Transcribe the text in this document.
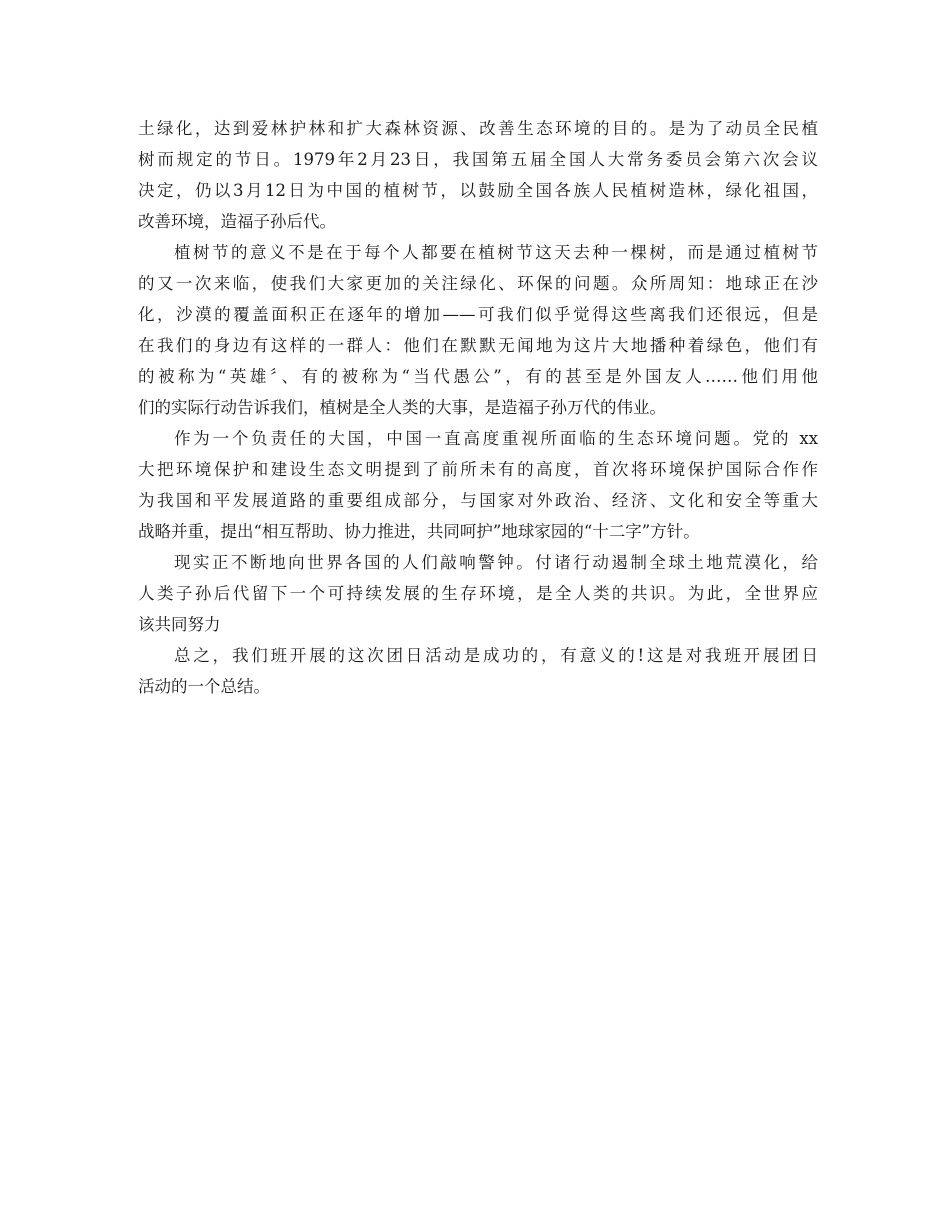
土绿化，达到爱林护林和扩大森林资源、改善生态环境的目的。是为了动员全民植
树而规定的节日。1979年2月23日，我国第五届全国人大常务委员会第六次会议
决定，仍以3月12日为中国的植树节，以鼓励全国各族人民植树造林，绿化祖国，
改善环境，造福子孙后代。
植树节的意义不是在于每个人都要在植树节这天去种一棵树，而是通过植树节
的又一次来临，使我们大家更加的关注绿化、环保的问题。众所周知：地球正在沙
化，沙漠的覆盖面积正在逐年的增加——可我们似乎觉得这些离我们还很远，但是
在我们的身边有这样的一群人：他们在默默无闻地为这片大地播种着绿色，他们有
的被称为“英雄〞、有的被称为“当代愚公”，有的甚至是外国友人……他们用他
们的实际行动告诉我们，植树是全人类的大事，是造福子孙万代的伟业。
作为一个负责任的大国，中国一直高度重视所面临的生态环境问题。党的 xx
大把环境保护和建设生态文明提到了前所未有的高度，首次将环境保护国际合作作
为我国和平发展道路的重要组成部分，与国家对外政治、经济、文化和安全等重大
战略并重，提出“相互帮助、协力推进，共同呵护”地球家园的“十二字”方针。
现实正不断地向世界各国的人们敲响警钟。付诸行动遏制全球土地荒漠化，给
人类子孙后代留下一个可持续发展的生存环境，是全人类的共识。为此，全世界应
该共同努力
总之，我们班开展的这次团日活动是成功的，有意义的!这是对我班开展团日
活动的一个总结。
